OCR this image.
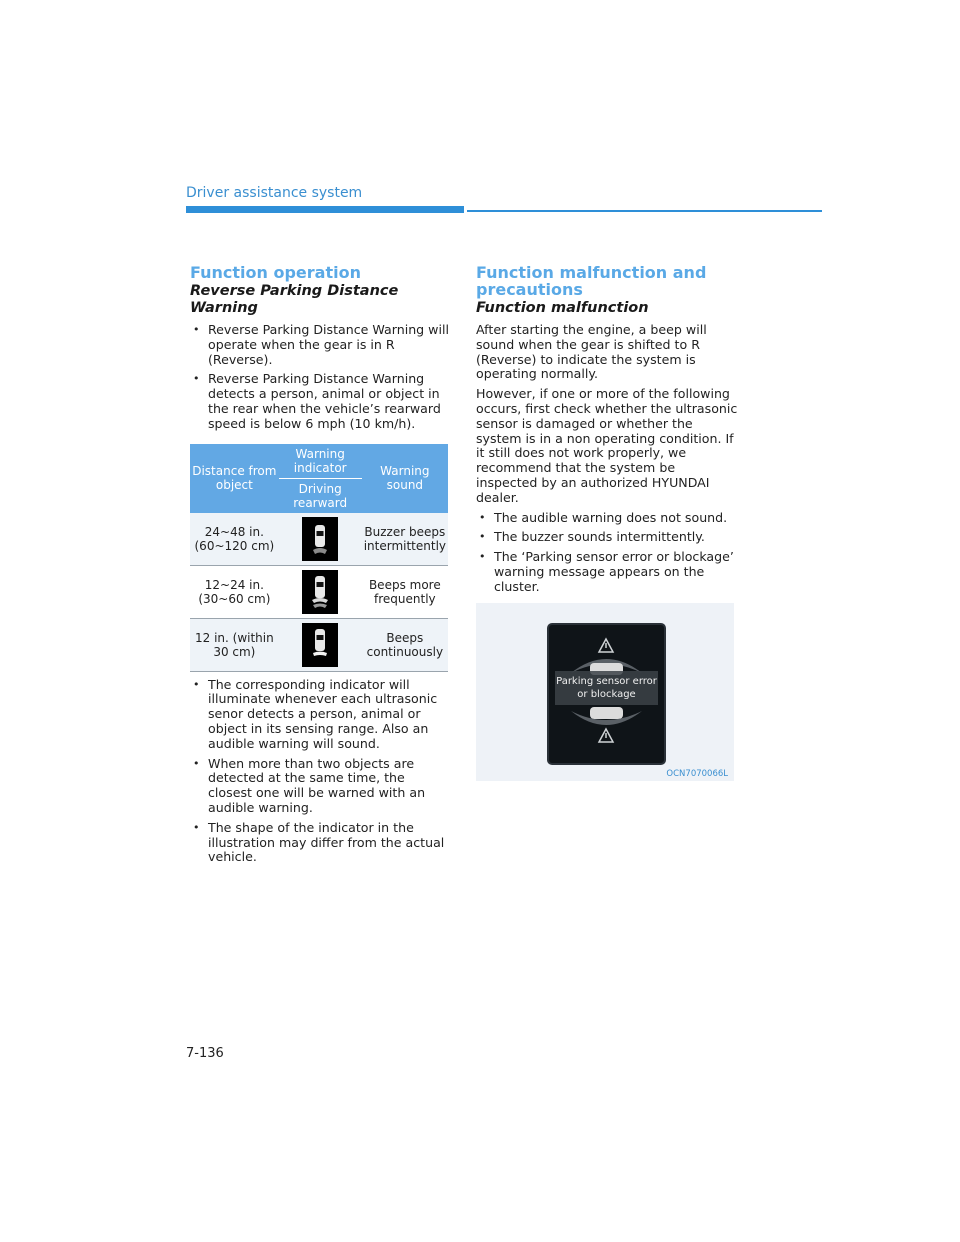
Driver assistance system
Function operation
Reverse Parking Distance Warning
• Reverse Parking Distance Warning will operate when the gear is in R (Reverse).
• Reverse Parking Distance Warning detects a person, animal or object in the rear when the vehicle’s rearward speed is below 6 mph (10 km/h).
Distance from object	Warning indicator	Warning sound
	Driving rearward	
24~48 in. (60~120 cm)		Buzzer beeps intermittently
12~24 in. (30~60 cm)		Beeps more frequently
12 in. (within 30 cm)		Beeps continuously
• The corresponding indicator will illuminate whenever each ultrasonic senor detects a person, animal or object in its sensing range. Also an audible warning will sound.
• When more than two objects are detected at the same time, the closest one will be warned with an audible warning.
• The shape of the indicator in the illustration may differ from the actual vehicle.
Function malfunction and precautions
Function malfunction

After starting the engine, a beep will sound when the gear is shifted to R (Reverse) to indicate the system is operating normally.

However, if one or more of the following occurs, first check whether the ultrasonic sensor is damaged or whether the system is in a non operating condition. If it still does not work properly, we recommend that the system be inspected by an authorized HYUNDAI dealer.

• The audible warning does not sound.
• The buzzer sounds intermittently.
• The ‘Parking sensor error or blockage’ warning message appears on the cluster.
Parking sensor error or blockage
OCN7070066L
7-136
